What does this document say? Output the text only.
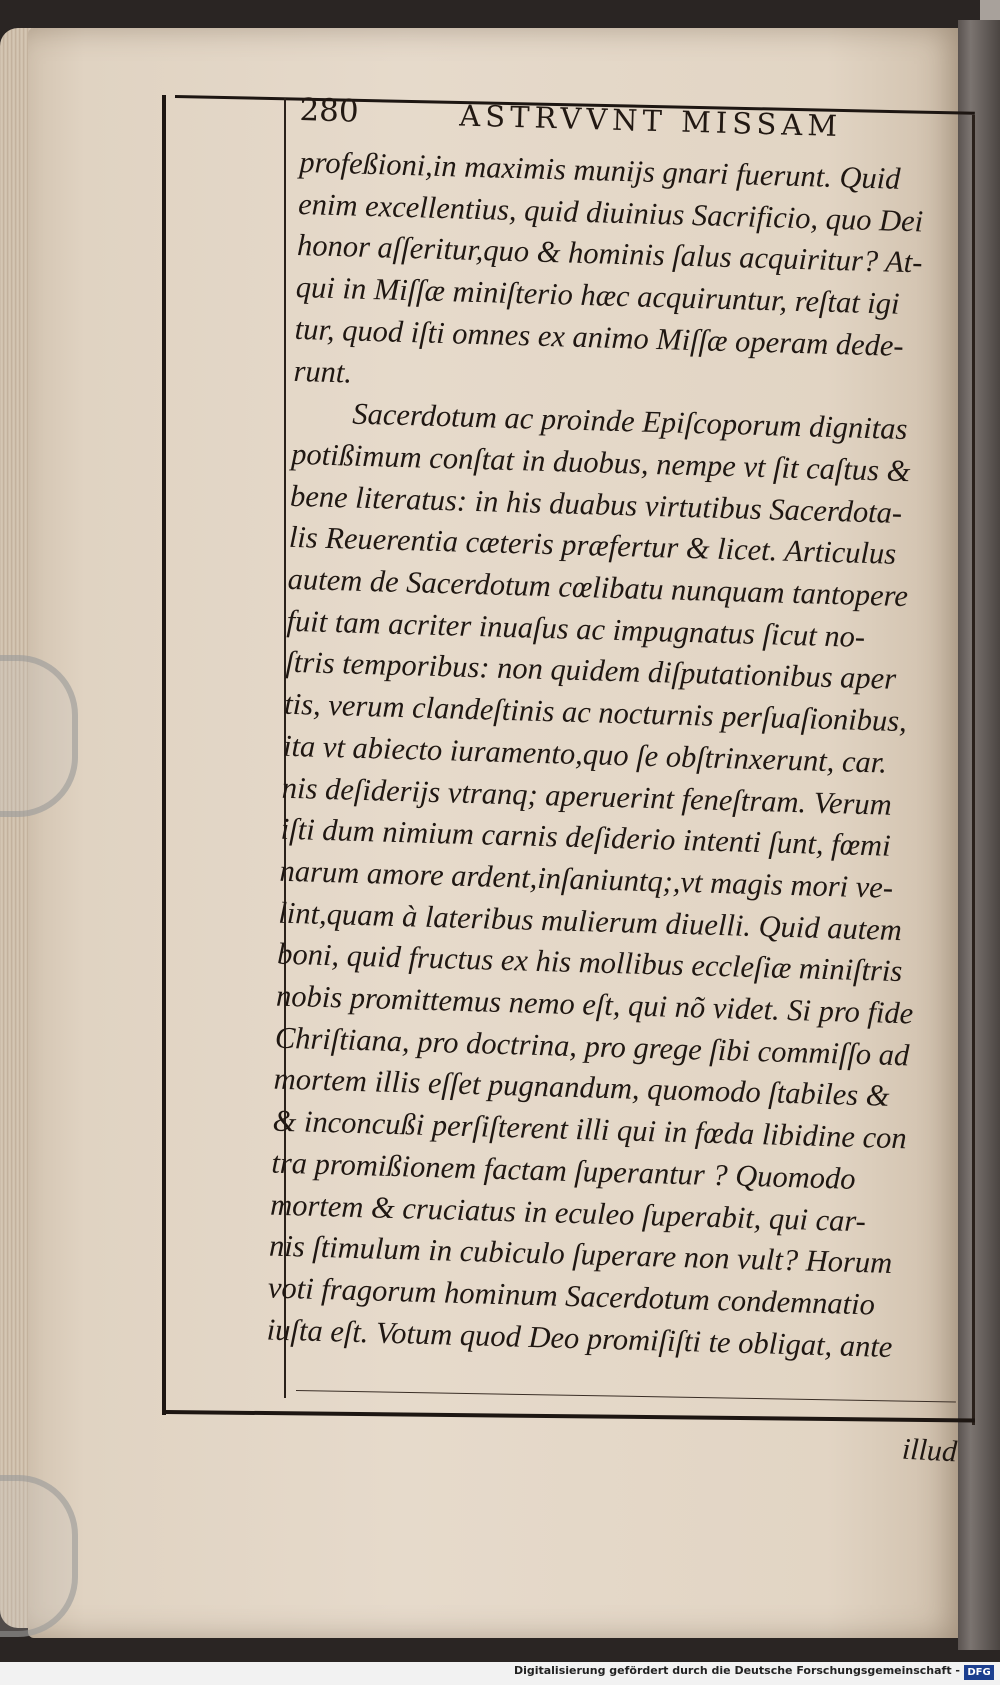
280	ASTRVVNT MISSAM
profeßioni,in maximis munijs gnari fuerunt. Quid
enim excellentius, quid diuinius Sacrificio, quo Dei
honor aſſeritur,quo & hominis ſalus acquiritur? At-
qui in Miſſæ miniſterio hæc acquiruntur, reſtat igi
tur, quod iſti omnes ex animo Miſſæ operam dede-
runt.
Sacerdotum ac proinde Epiſcoporum dignitas
potißimum conſtat in duobus, nempe vt ſit caſtus &
bene literatus: in his duabus virtutibus Sacerdota-
lis Reuerentia cæteris præfertur & licet. Articulus
autem de Sacerdotum cœlibatu nunquam tantopere
fuit tam acriter inuaſus ac impugnatus ſicut no-
ſtris temporibus: non quidem diſputationibus aper
tis, verum clandeſtinis ac nocturnis perſuaſionibus,
ita vt abiecto iuramento,quo ſe obſtrinxerunt, car.
nis deſiderijs vtranq; aperuerint feneſtram. Verum
iſti dum nimium carnis deſiderio intenti ſunt, fœmi
narum amore ardent,inſaniuntq;,vt magis mori ve-
lint,quam à lateribus mulierum diuelli. Quid autem
boni, quid fructus ex his mollibus eccleſiæ miniſtris
nobis promittemus nemo eſt, qui nõ videt. Si pro fide
Chriſtiana, pro doctrina, pro grege ſibi commiſſo ad
mortem illis eſſet pugnandum, quomodo ſtabiles &
& inconcußi perſiſterent illi qui in fœda libidine con
tra promißionem factam ſuperantur ? Quomodo
mortem & cruciatus in eculeo ſuperabit, qui car-
nis ſtimulum in cubiculo ſuperare non vult? Horum
voti fragorum hominum Sacerdotum condemnatio
iuſta eſt. Votum quod Deo promiſiſti te obligat, ante
illud
Digitalisierung gefördert durch die Deutsche Forschungsgemeinschaft - DFG
